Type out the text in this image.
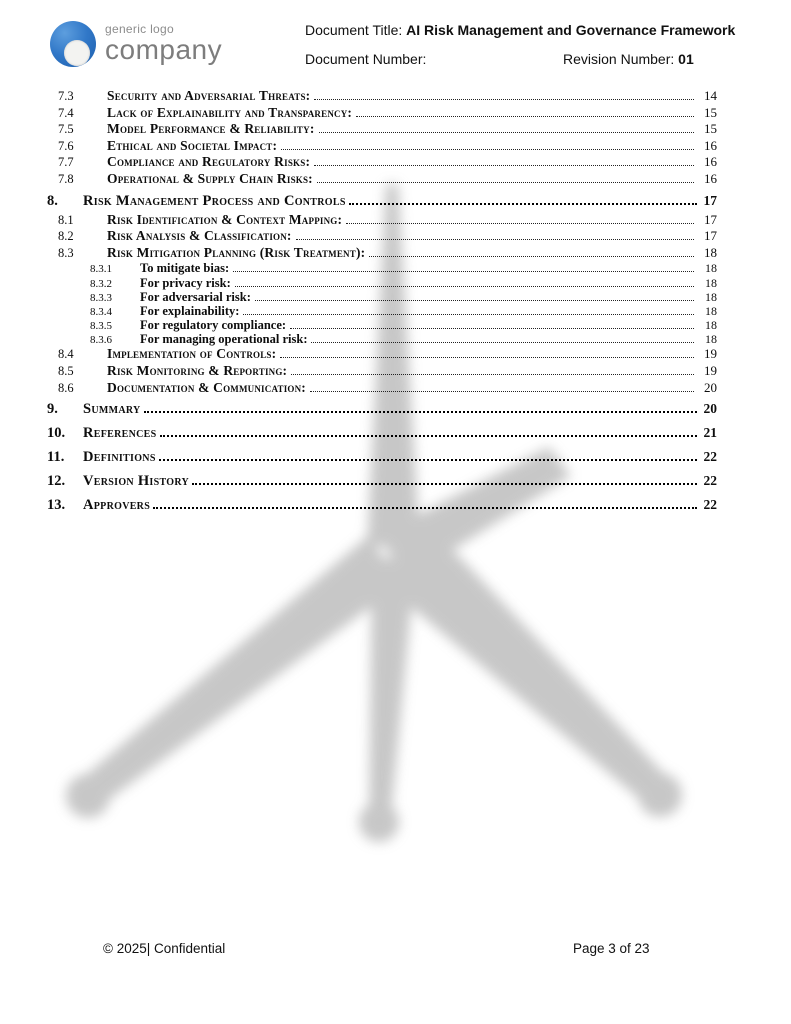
generic logo
company
Document Title: AI Risk Management and Governance Framework
Document Number:	Revision Number: 01
7.3	Security and Adversarial Threats:	14
7.4	Lack of Explainability and Transparency:	15
7.5	Model Performance & Reliability:	15
7.6	Ethical and Societal Impact:	16
7.7	Compliance and Regulatory Risks:	16
7.8	Operational & Supply Chain Risks:	16
8.	Risk Management Process and Controls	17
8.1	Risk Identification & Context Mapping:	17
8.2	Risk Analysis & Classification:	17
8.3	Risk Mitigation Planning (Risk Treatment):	18
8.3.1	To mitigate bias:	18
8.3.2	For privacy risk:	18
8.3.3	For adversarial risk:	18
8.3.4	For explainability:	18
8.3.5	For regulatory compliance:	18
8.3.6	For managing operational risk:	18
8.4	Implementation of Controls:	19
8.5	Risk Monitoring & Reporting:	19
8.6	Documentation & Communication:	20
9.	Summary	20
10.	References	21
11.	Definitions	22
12.	Version History	22
13.	Approvers	22
© 2025| Confidential	Page 3 of 23
